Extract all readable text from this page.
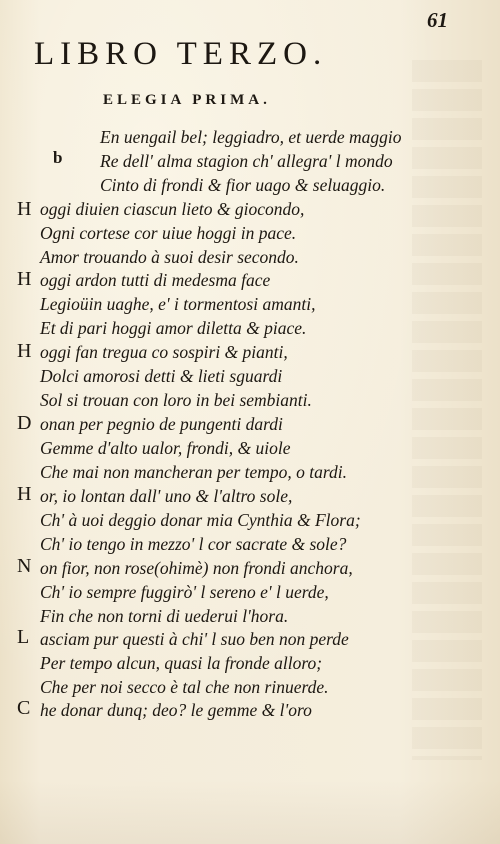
61
LIBRO TERZO.
ELEGIA PRIMA.
b
H
H
H
D
H
N
L
C
En uengail bel; leggiadro, et uerde maggio
Re dell' alma stagion ch' allegra' l mondo
Cinto di frondi & fior uago & seluaggio.
oggi diuien ciascun lieto & giocondo,
Ogni cortese cor uiue hoggi in pace.
Amor trouando à suoi desir secondo.
oggi ardon tutti di medesma face
Legioüin uaghe, e' i tormentosi amanti,
Et di pari hoggi amor diletta & piace.
oggi fan tregua co sospiri & pianti,
Dolci amorosi detti & lieti sguardi
Sol si trouan con loro in bei sembianti.
onan per pegnio de pungenti dardi
Gemme d'alto ualor, frondi, & uiole
Che mai non mancheran per tempo, o tardi.
or, io lontan dall' uno & l'altro sole,
Ch' à uoi deggio donar mia Cynthia & Flora;
Ch' io tengo in mezzo' l cor sacrate & sole?
on fior, non rose(ohimè) non frondi anchora,
Ch' io sempre fuggirò' l sereno e' l uerde,
Fin che non torni di uederui l'hora.
asciam pur questi à chi' l suo ben non perde
Per tempo alcun, quasi la fronde alloro;
Che per noi secco è tal che non rinuerde.
he donar dunq; deo? le gemme & l'oro
